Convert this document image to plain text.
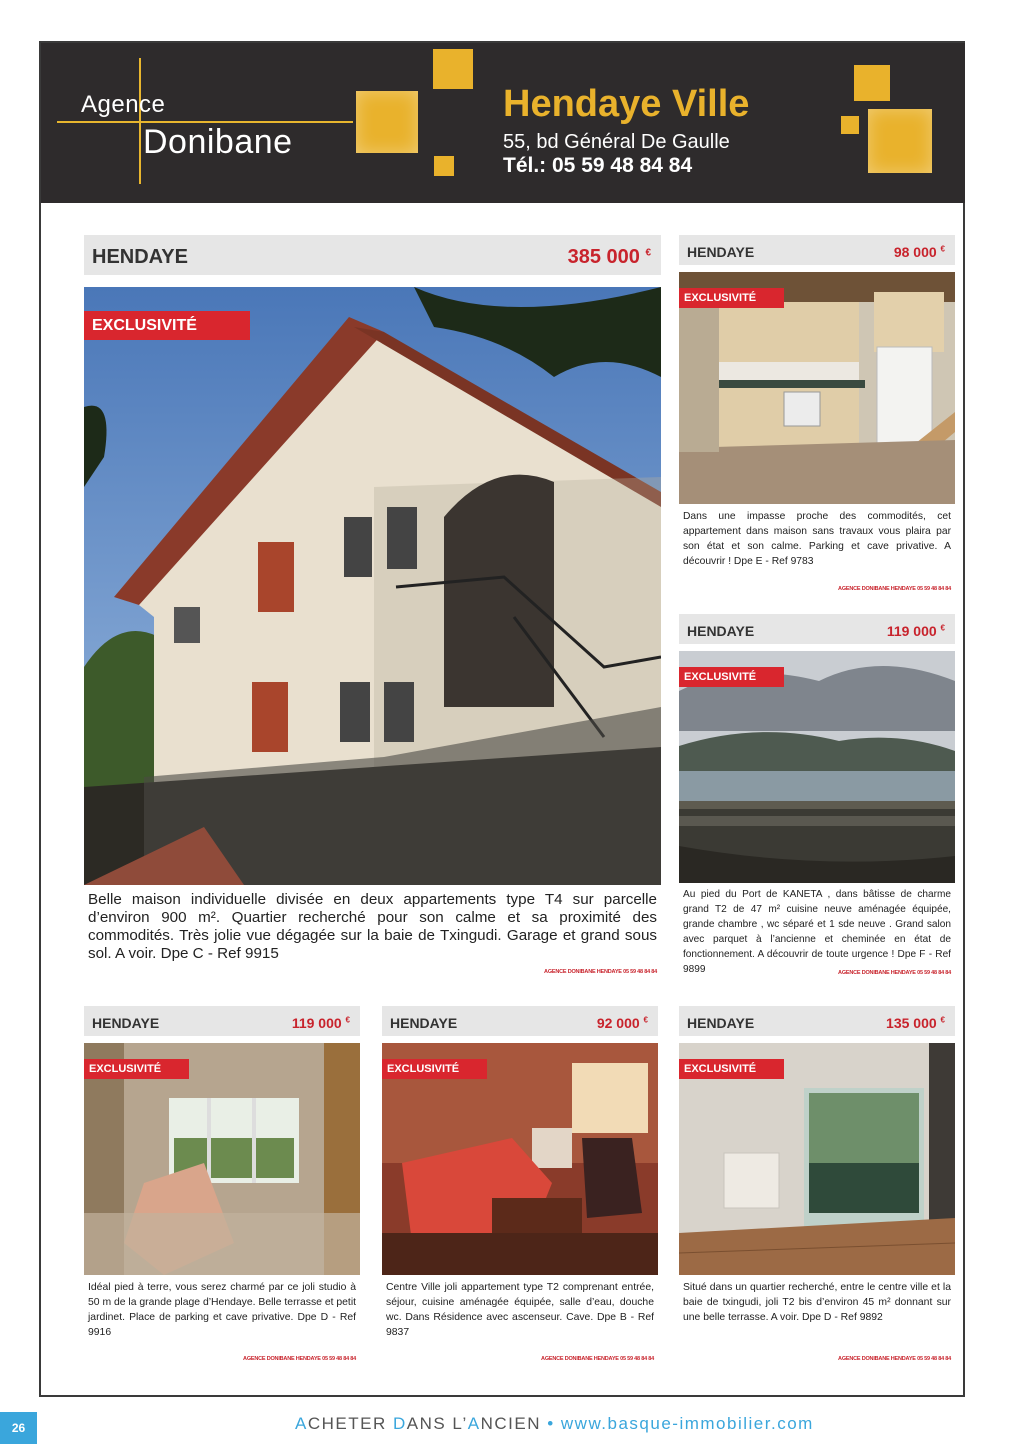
Agence
Donibane
Hendaye Ville
55, bd Général De Gaulle
Tél.: 05 59 48 84 84
HENDAYE	385 000 €
EXCLUSIVITÉ
Belle maison individuelle divisée en deux appartements type T4 sur parcelle d’environ 900 m². Quartier recherché pour son calme et sa proximité des commodités. Très jolie vue dégagée sur la baie de Txingudi. Garage et grand sous sol. A voir. Dpe C - Ref 9915
AGENCE DONIBANE HENDAYE 05 59 48 84 84
HENDAYE	98 000 €
EXCLUSIVITÉ
Dans une impasse proche des commodités, cet appartement dans maison sans travaux vous plaira par son état et son calme. Parking et cave privative. A découvrir ! Dpe E - Ref 9783
AGENCE DONIBANE HENDAYE 05 59 48 84 84
HENDAYE	119 000 €
EXCLUSIVITÉ
Au pied du Port de KANETA , dans bâtisse de charme grand T2 de 47 m² cuisine neuve aménagée équipée, grande chambre , wc séparé et 1 sde neuve . Grand salon avec parquet à l’ancienne et cheminée en état de fonctionnement. A découvrir de toute urgence ! Dpe F - Ref 9899	AGENCE DONIBANE HENDAYE 05 59 48 84 84
HENDAYE	119 000 €
EXCLUSIVITÉ
Idéal pied à terre, vous serez charmé par ce joli studio à 50 m de la grande plage d’Hendaye. Belle terrasse et petit jardinet. Place de parking et cave privative. Dpe D - Ref 9916
AGENCE DONIBANE HENDAYE 05 59 48 84 84
HENDAYE	92 000 €
EXCLUSIVITÉ
Centre Ville joli appartement type T2 comprenant entrée, séjour, cuisine aménagée équipée, salle d’eau, douche wc. Dans Résidence avec ascenseur. Cave. Dpe B - Ref 9837
AGENCE DONIBANE HENDAYE 05 59 48 84 84
HENDAYE	135 000 €
EXCLUSIVITÉ
Situé dans un quartier recherché, entre le centre ville et la baie de txingudi, joli T2 bis d’environ 45 m² donnant sur une belle terrasse. A voir. Dpe D - Ref 9892
AGENCE DONIBANE HENDAYE 05 59 48 84 84
26	ACHETER DANS L’ANCIEN • www.basque-immobilier.com
